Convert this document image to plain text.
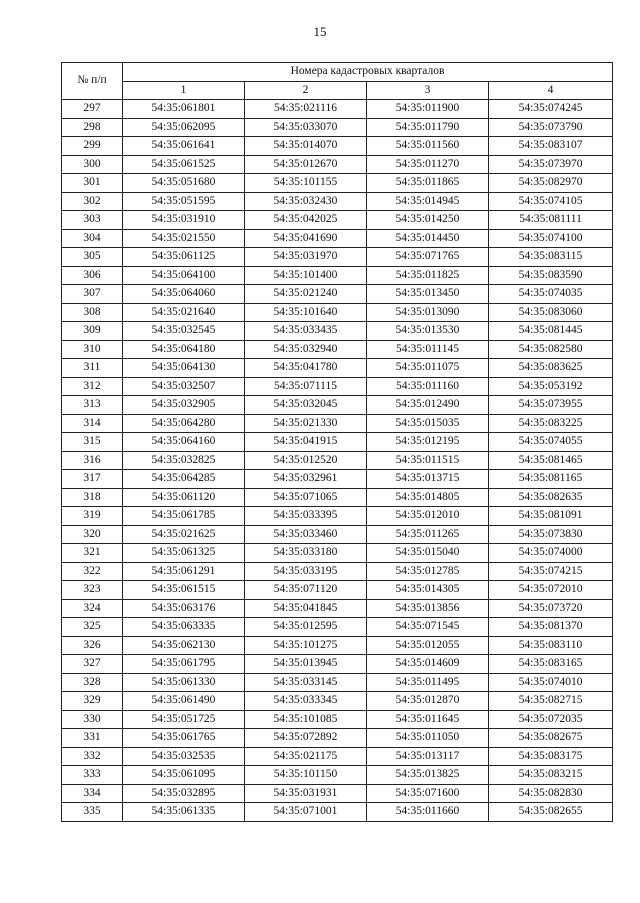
15
№ п/п	Номера кадастровых кварталов			
	1	2	3	4
297	54:35:061801	54:35:021116	54:35:011900	54:35:074245
298	54:35:062095	54:35:033070	54:35:011790	54:35:073790
299	54:35:061641	54:35:014070	54:35:011560	54:35:083107
300	54:35:061525	54:35:012670	54:35:011270	54:35:073970
301	54:35:051680	54:35:101155	54:35:011865	54:35:082970
302	54:35:051595	54:35:032430	54:35:014945	54:35:074105
303	54:35:031910	54:35:042025	54:35:014250	54:35:081111
304	54:35:021550	54:35:041690	54:35:014450	54:35:074100
305	54:35:061125	54:35:031970	54:35:071765	54:35:083115
306	54:35:064100	54:35:101400	54:35:011825	54:35:083590
307	54:35:064060	54:35:021240	54:35:013450	54:35:074035
308	54:35:021640	54:35:101640	54:35:013090	54:35:083060
309	54:35:032545	54:35:033435	54:35:013530	54:35:081445
310	54:35:064180	54:35:032940	54:35:011145	54:35:082580
311	54:35:064130	54:35:041780	54:35:011075	54:35:083625
312	54:35:032507	54:35:071115	54:35:011160	54:35:053192
313	54:35:032905	54:35:032045	54:35:012490	54:35:073955
314	54:35:064280	54:35:021330	54:35:015035	54:35:083225
315	54:35:064160	54:35:041915	54:35:012195	54:35:074055
316	54:35:032825	54:35:012520	54:35:011515	54:35:081465
317	54:35:064285	54:35:032961	54:35:013715	54:35:081165
318	54:35:061120	54:35:071065	54:35:014805	54:35:082635
319	54:35:061785	54:35:033395	54:35:012010	54:35:081091
320	54:35:021625	54:35:033460	54:35:011265	54:35:073830
321	54:35:061325	54:35:033180	54:35:015040	54:35:074000
322	54:35:061291	54:35:033195	54:35:012785	54:35:074215
323	54:35:061515	54:35:071120	54:35:014305	54:35:072010
324	54:35:063176	54:35:041845	54:35:013856	54:35:073720
325	54:35:063335	54:35:012595	54:35:071545	54:35:081370
326	54:35:062130	54:35:101275	54:35:012055	54:35:083110
327	54:35:061795	54:35:013945	54:35:014609	54:35:083165
328	54:35:061330	54:35:033145	54:35:011495	54:35:074010
329	54:35:061490	54:35:033345	54:35:012870	54:35:082715
330	54:35:051725	54:35:101085	54:35:011645	54:35:072035
331	54:35:061765	54:35:072892	54:35:011050	54:35:082675
332	54:35:032535	54:35:021175	54:35:013117	54:35:083175
333	54:35:061095	54:35:101150	54:35:013825	54:35:083215
334	54:35:032895	54:35:031931	54:35:071600	54:35:082830
335	54:35:061335	54:35:071001	54:35:011660	54:35:082655
